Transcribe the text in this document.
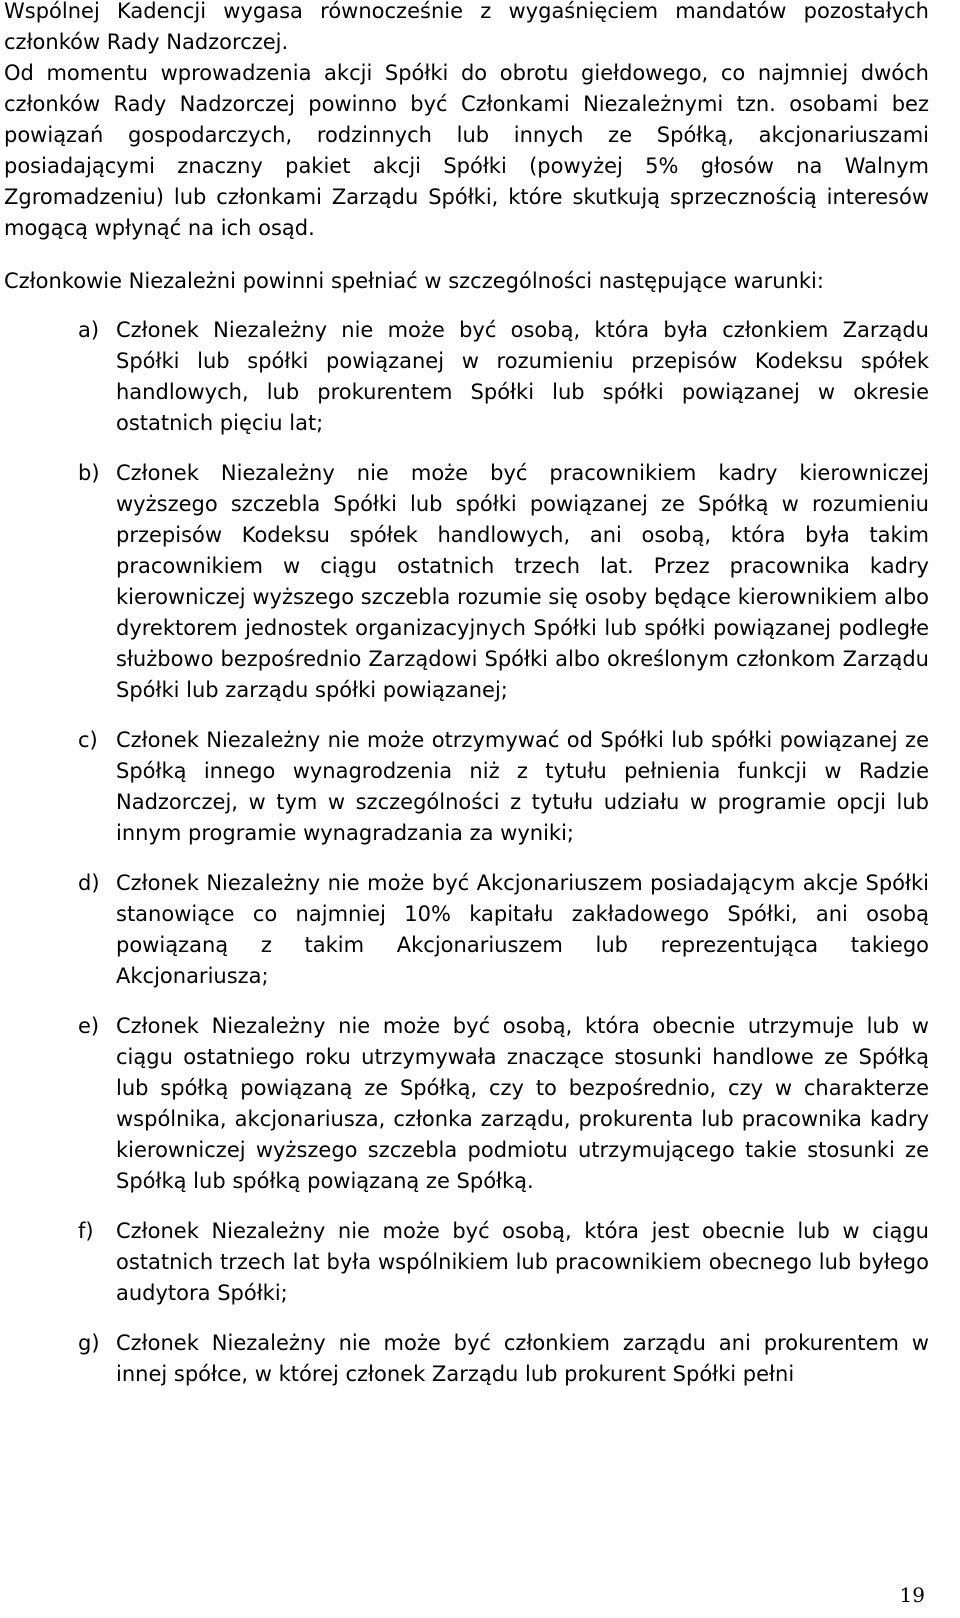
Wspólnej Kadencji wygasa równocześnie z wygaśnięciem mandatów pozostałych członków Rady Nadzorczej.
Od momentu wprowadzenia akcji Spółki do obrotu giełdowego, co najmniej dwóch członków Rady Nadzorczej powinno być Członkami Niezależnymi tzn. osobami bez powiązań gospodarczych, rodzinnych lub innych ze Spółką, akcjonariuszami posiadającymi znaczny pakiet akcji Spółki (powyżej 5% głosów na Walnym Zgromadzeniu) lub członkami Zarządu Spółki, które skutkują sprzecznością interesów mogącą wpłynąć na ich osąd.

Członkowie Niezależni powinni spełniać w szczególności następujące warunki:

a) Członek Niezależny nie może być osobą, która była członkiem Zarządu Spółki lub spółki powiązanej w rozumieniu przepisów Kodeksu spółek handlowych, lub prokurentem Spółki lub spółki powiązanej w okresie ostatnich pięciu lat;
b) Członek Niezależny nie może być pracownikiem kadry kierowniczej wyższego szczebla Spółki lub spółki powiązanej ze Spółką w rozumieniu przepisów Kodeksu spółek handlowych, ani osobą, która była takim pracownikiem w ciągu ostatnich trzech lat. Przez pracownika kadry kierowniczej wyższego szczebla rozumie się osoby będące kierownikiem albo dyrektorem jednostek organizacyjnych Spółki lub spółki powiązanej podległe służbowo bezpośrednio Zarządowi Spółki albo określonym członkom Zarządu Spółki lub zarządu spółki powiązanej;
c) Członek Niezależny nie może otrzymywać od Spółki lub spółki powiązanej ze Spółką innego wynagrodzenia niż z tytułu pełnienia funkcji w Radzie Nadzorczej, w tym w szczególności z tytułu udziału w programie opcji lub innym programie wynagradzania za wyniki;
d) Członek Niezależny nie może być Akcjonariuszem posiadającym akcje Spółki stanowiące co najmniej 10% kapitału zakładowego Spółki, ani osobą powiązaną z takim Akcjonariuszem lub reprezentująca takiego Akcjonariusza;
e) Członek Niezależny nie może być osobą, która obecnie utrzymuje lub w ciągu ostatniego roku utrzymywała znaczące stosunki handlowe ze Spółką lub spółką powiązaną ze Spółką, czy to bezpośrednio, czy w charakterze wspólnika, akcjonariusza, członka zarządu, prokurenta lub pracownika kadry kierowniczej wyższego szczebla podmiotu utrzymującego takie stosunki ze Spółką lub spółką powiązaną ze Spółką.
f) Członek Niezależny nie może być osobą, która jest obecnie lub w ciągu ostatnich trzech lat była wspólnikiem lub pracownikiem obecnego lub byłego audytora Spółki;
g) Członek Niezależny nie może być członkiem zarządu ani prokurentem w innej spółce, w której członek Zarządu lub prokurent Spółki pełni
19
